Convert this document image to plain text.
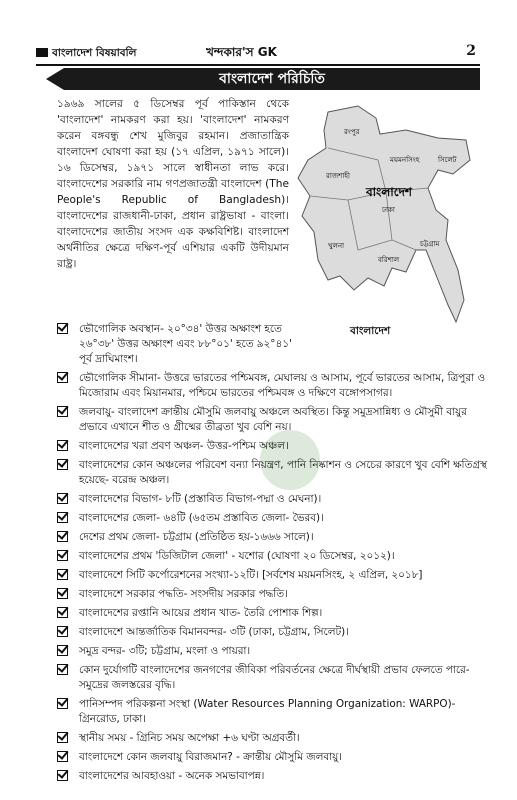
বাংলাদেশ বিষয়াবলি	খন্দকার'স GK	2
বাংলাদেশ পরিচিতি

১৯৬৯ সালের ৫ ডিসেম্বর পূর্ব পাকিস্তান থেকে 'বাংলাদেশ' নামকরণ করা হয়। 'বাংলাদেশ' নামকরণ করেন বঙ্গবন্ধু শেখ মুজিবুর রহমান। প্রজাতান্ত্রিক বাংলাদেশ ঘোষণা করা হয় (১৭ এপ্রিল, ১৯৭১ সালে)। ১৬ ডিসেম্বর, ১৯৭১ সালে স্বাধীনতা লাভ করে। বাংলাদেশের সরকারি নাম গণপ্রজাতন্ত্রী বাংলাদেশ (The People's Republic of Bangladesh)। বাংলাদেশের রাজধানী-ঢাকা, প্রধান রাষ্ট্রভাষা - বাংলা। বাংলাদেশের জাতীয় সংসদ এক কক্ষবিশিষ্ট। বাংলাদেশ অর্থনীতির ক্ষেত্রে দক্ষিণ-পূর্ব এশিয়ার একটি উদীয়মান রাষ্ট্র।

রংপুর
ময়মনসিংহ	সিলেট
রাজশাহী
ঢাকা
খুলনা
বরিশাল
চট্টগ্রাম
বাংলাদেশ
বাংলাদেশ
ভৌগোলিক অবস্থান- ২০°৩৪' উত্তর অক্ষাংশ হতে ২৬°৩৮' উত্তর অক্ষাংশ এবং ৮৮°০১' হতে ৯২°৪১' পূর্ব দ্রাঘিমাংশ।
ভৌগোলিক সীমানা- উত্তরে ভারতের পশ্চিমবঙ্গ, মেঘালয় ও আসাম, পূর্বে ভারতের আসাম, ত্রিপুরা ও মিজোরাম এবং মিয়ানমার, পশ্চিমে ভারতের পশ্চিমবঙ্গ ও দক্ষিণে বঙ্গোপসাগর।
জলবায়ু- বাংলাদেশ ক্রান্তীয় মৌসুমি জলবায়ু অঞ্চলে অবস্থিত। কিন্তু সমুদ্রসান্নিধ্য ও মৌসুমী বায়ুর প্রভাবে এখানে শীত ও গ্রীষ্মের তীব্রতা খুব বেশি নয়।
বাংলাদেশের খরা প্রবণ অঞ্চল- উত্তর-পশ্চিম অঞ্চল।
বাংলাদেশের কোন অঞ্চলের পরিবেশ বন্যা নিয়ন্ত্রণ, পানি নিষ্কাশন ও সেচের কারণে খুব বেশি ক্ষতিগ্রস্থ হয়েছে- বরেন্দ্র অঞ্চল।
বাংলাদেশের বিভাগ- ৮টি (প্রস্তাবিত বিভাগ-পদ্মা ও মেঘনা)।
বাংলাদেশের জেলা- ৬৪টি (৬৫তম প্রস্তাবিত জেলা- ভৈরব)।
দেশের প্রথম জেলা- চট্টগ্রাম (প্রতিষ্ঠিত হয়-১৬৬৬ সালে)।
বাংলাদেশের প্রথম 'ডিজিটাল জেলা' - যশোর (ঘোষণা ২০ ডিসেম্বর, ২০১২)।
বাংলাদেশে সিটি কর্পোরেশনের সংখ্যা-১২টি। [সর্বশেষ ময়মনসিংহ, ২ এপ্রিল, ২০১৮]
বাংলাদেশে সরকার পদ্ধতি- সংসদীয় সরকার পদ্ধতি।
বাংলাদেশের রপ্তানি আয়ের প্রধান খাত- তৈরি পোশাক শিল্প।
বাংলাদেশে আন্তর্জাতিক বিমানবন্দর- ৩টি (ঢাকা, চট্টগ্রাম, সিলেট)।
সমুদ্র বন্দর- ৩টি; চট্টগ্রাম, মংলা ও পায়রা।
কোন দুর্যোগটি বাংলাদেশের জনগণের জীবিকা পরিবর্তনের ক্ষেত্রে দীর্ঘস্থায়ী প্রভাব ফেলতে পারে- সমুদ্রের জলস্তরের বৃদ্ধি।
পানিসম্পদ পরিকল্পনা সংস্থা (Water Resources Planning Organization: WARPO)- গ্রিনরোড, ঢাকা।
স্থানীয় সময় - গ্রিনিচ সময় অপেক্ষা +৬ ঘণ্টা অগ্রবর্তী।
বাংলাদেশে কোন জলবায়ু বিরাজমান? - ক্রান্তীয় মৌসুমি জলবায়ু।
বাংলাদেশের আবহাওয়া - অনেক সমভাবাপন্ন।
